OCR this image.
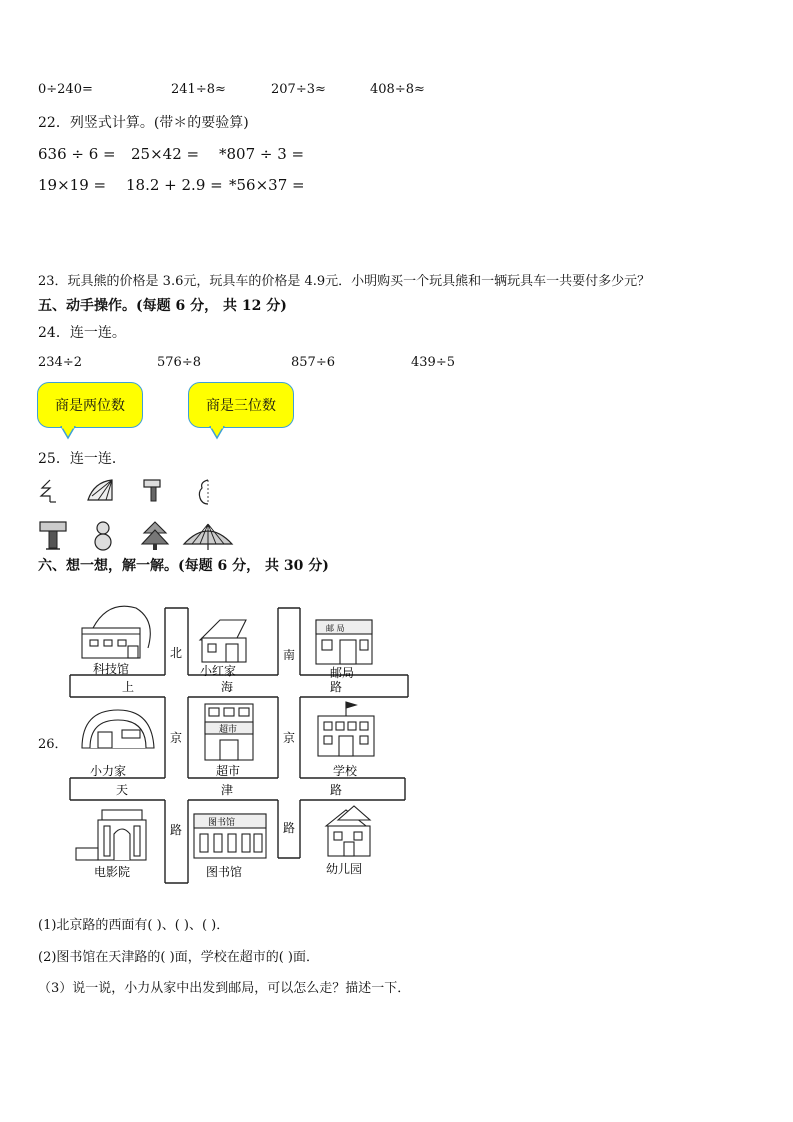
0÷240=	241÷8≈	207÷3≈	408÷8≈
22．列竖式计算。(带＊的要验算)
636 ÷ 6 = 25×42 = *807 ÷ 3 =
19×19 = 18.2 + 2.9 = *56×37 =
23．玩具熊的价格是 3.6元，玩具车的价格是 4.9元．小明购买一个玩具熊和一辆玩具车一共要付多少元？
五、动手操作。(每题 6 分， 共 12 分)
24．连一连。
234÷2	576÷8	857÷6	439÷5
商是两位数	商是三位数
25．连一连．
六、想一想，解一解。(每题 6 分， 共 30 分)
26．
上	海	路
天	津	路
北
京
路
南
京
路
科技馆	小红家
邮 局
邮局
小力家
超市
超市	学校
电影院
图书馆
图书馆	幼儿园
(1)北京路的西面有( )、( )、( )．
(2)图书馆在天津路的( )面，学校在超市的( )面．
（3）说一说，小力从家中出发到邮局，可以怎么走？描述一下．
